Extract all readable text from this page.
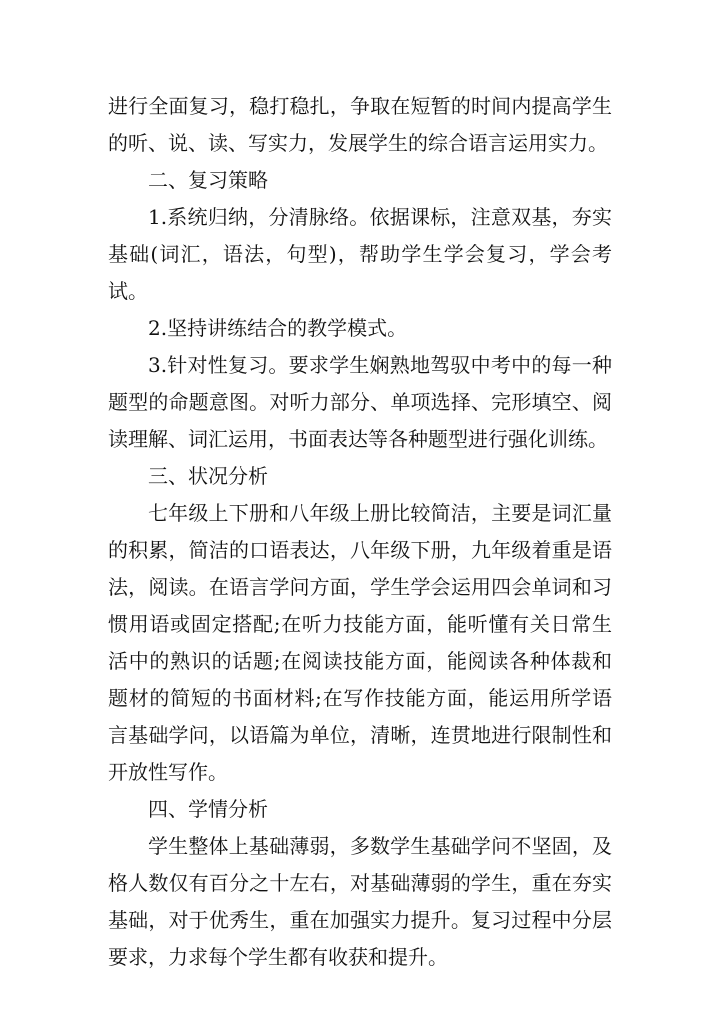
进行全面复习，稳打稳扎，争取在短暂的时间内提高学生的听、说、读、写实力，发展学生的综合语言运用实力。

二、复习策略

1.系统归纳，分清脉络。依据课标，注意双基，夯实基础(词汇，语法，句型)，帮助学生学会复习，学会考试。

2.坚持讲练结合的教学模式。

3.针对性复习。要求学生娴熟地驾驭中考中的每一种题型的命题意图。对听力部分、单项选择、完形填空、阅读理解、词汇运用，书面表达等各种题型进行强化训练。

三、状况分析

七年级上下册和八年级上册比较简洁，主要是词汇量的积累，简洁的口语表达，八年级下册，九年级着重是语法，阅读。在语言学问方面，学生学会运用四会单词和习惯用语或固定搭配;在听力技能方面，能听懂有关日常生活中的熟识的话题;在阅读技能方面，能阅读各种体裁和题材的简短的书面材料;在写作技能方面，能运用所学语言基础学问，以语篇为单位，清晰，连贯地进行限制性和开放性写作。

四、学情分析

学生整体上基础薄弱，多数学生基础学问不坚固，及格人数仅有百分之十左右，对基础薄弱的学生，重在夯实基础，对于优秀生，重在加强实力提升。复习过程中分层要求，力求每个学生都有收获和提升。
